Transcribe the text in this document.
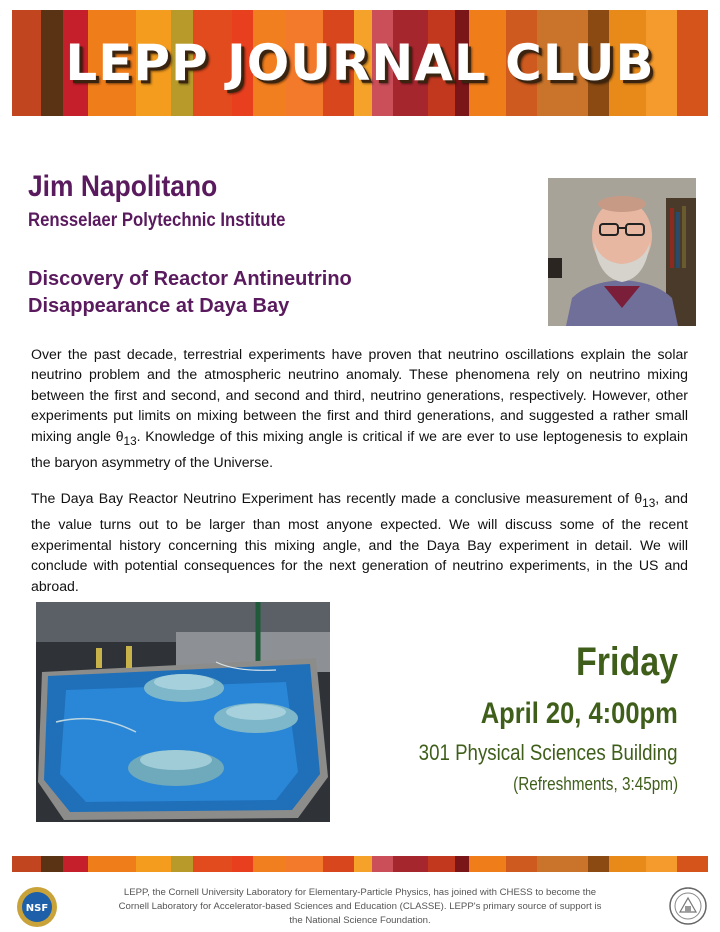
LEPP JOURNAL CLUB
Jim Napolitano
Rensselaer Polytechnic Institute
Discovery of Reactor Antineutrino
Disappearance at Daya Bay

Over the past decade, terrestrial experiments have proven that neutrino oscillations explain the solar neutrino problem and the atmospheric neutrino anomaly. These phenomena rely on neutrino mixing between the first and second, and second and third, neutrino generations, respectively. However, other experiments put limits on mixing between the first and third generations, and suggested a rather small mixing angle $\theta_{13}$. Knowledge of this mixing angle is critical if we are ever to use leptogenesis to explain the baryon asymmetry of the Universe.

The Daya Bay Reactor Neutrino Experiment has recently made a conclusive measurement of $\theta_{13}$, and the value turns out to be larger than most anyone expected. We will discuss some of the recent experimental history concerning this mixing angle, and the Daya Bay experiment in detail. We will conclude with potential consequences for the next generation of neutrino experiments, in the US and abroad.

Friday
April 20, 4:00pm
301 Physical Sciences Building
(Refreshments, 3:45pm)
NSF
LEPP, the Cornell University Laboratory for Elementary-Particle Physics, has joined with CHESS to become the
Cornell Laboratory for Accelerator-based Sciences and Education (CLASSE). LEPP's primary source of support is
the National Science Foundation.
